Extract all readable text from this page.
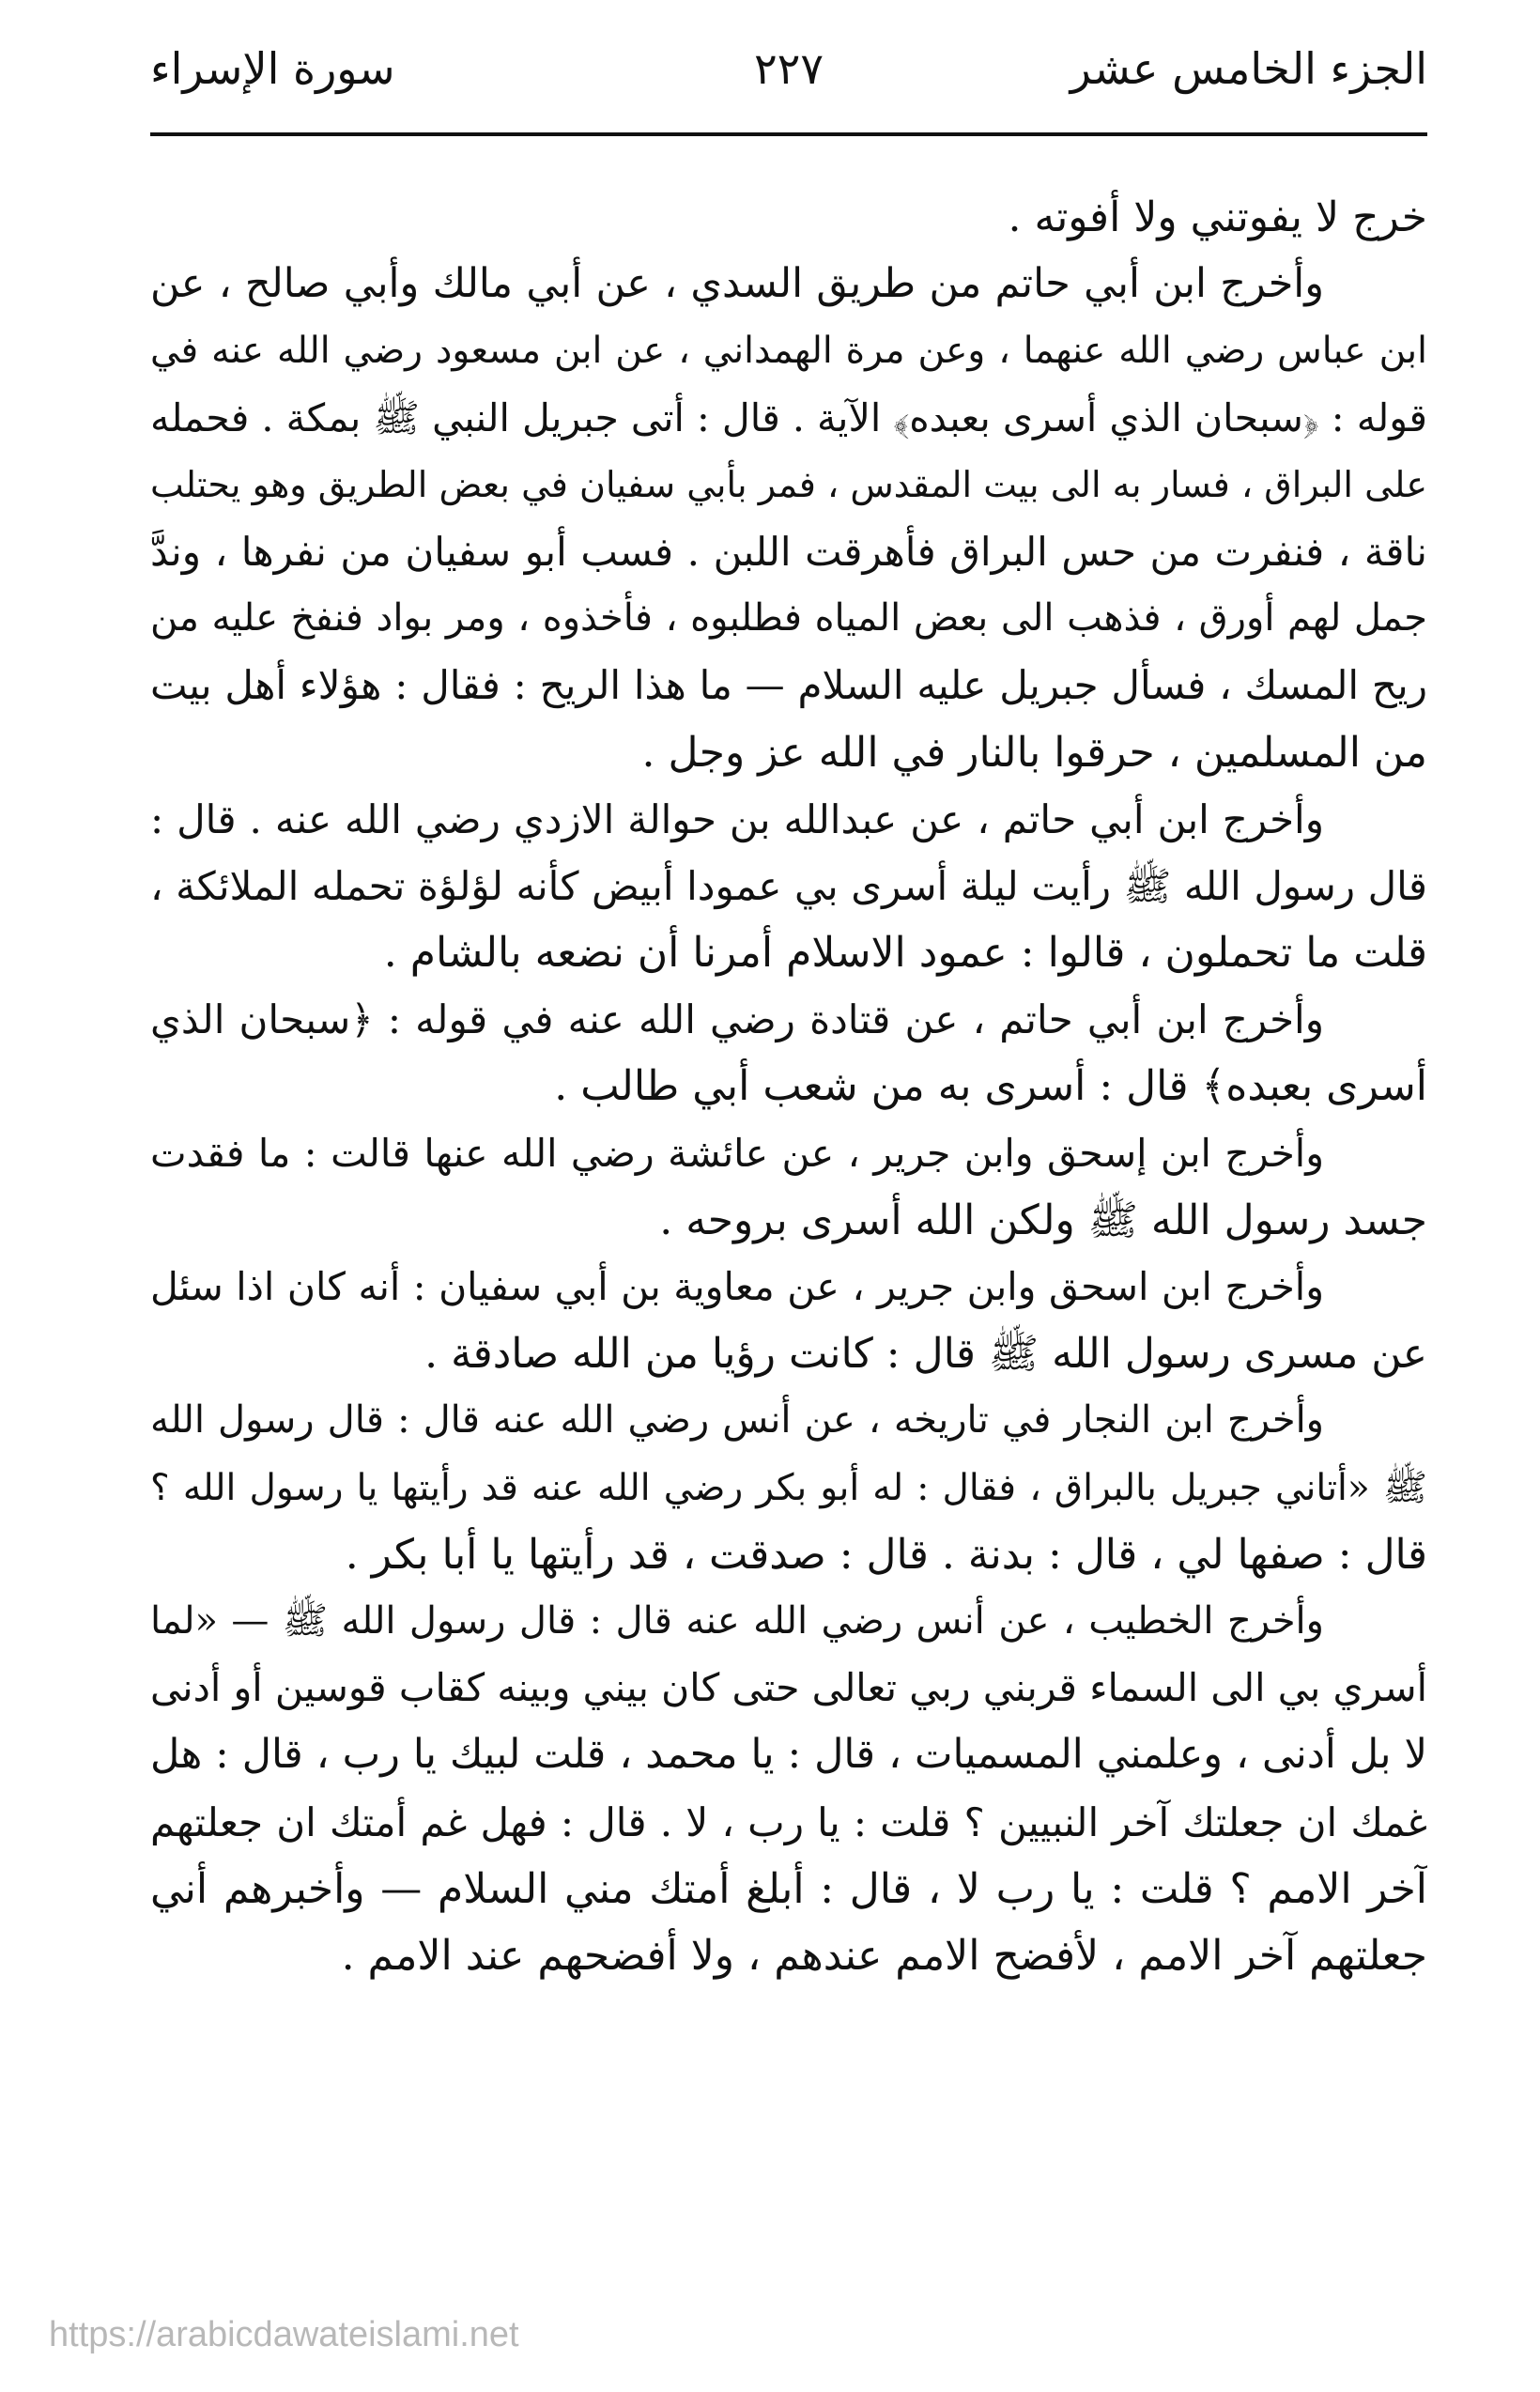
الجزء الخامس عشر
٢٢٧
سورة الإسراء
خرج لا يفوتني ولا أفوته .
وأخرج ابن أبي حاتم من طريق السدي ، عن أبي مالك وأبي صالح ، عن
ابن عباس رضي الله عنهما ، وعن مرة الهمداني ، عن ابن مسعود رضي الله عنه في
قوله : ﴿سبحان الذي أسرى بعبده﴾ الآية . قال : أتى جبريل النبي ﷺ بمكة . فحمله
على البراق ، فسار به الى بيت المقدس ، فمر بأبي سفيان في بعض الطريق وهو يحتلب
ناقة ، فنفرت من حس البراق فأهرقت اللبن . فسب أبو سفيان من نفرها ، وندَّ
جمل لهم أورق ، فذهب الى بعض المياه فطلبوه ، فأخذوه ، ومر بواد فنفخ عليه من
ريح المسك ، فسأل جبريل عليه السلام — ما هذا الريح : فقال : هؤلاء أهل بيت
من المسلمين ، حرقوا بالنار في الله عز وجل .
وأخرج ابن أبي حاتم ، عن عبدالله بن حوالة الازدي رضي الله عنه . قال :
قال رسول الله ﷺ رأيت ليلة أسرى بي عمودا أبيض كأنه لؤلؤة تحمله الملائكة ،
قلت ما تحملون ، قالوا : عمود الاسلام أمرنا أن نضعه بالشام .
وأخرج ابن أبي حاتم ، عن قتادة رضي الله عنه في قوله : ﴿سبحان الذي
أسرى بعبده﴾ قال : أسرى به من شعب أبي طالب .
وأخرج ابن إسحق وابن جرير ، عن عائشة رضي الله عنها قالت : ما فقدت
جسد رسول الله ﷺ ولكن الله أسرى بروحه .
وأخرج ابن اسحق وابن جرير ، عن معاوية بن أبي سفيان : أنه كان اذا سئل
عن مسرى رسول الله ﷺ قال : كانت رؤيا من الله صادقة .
وأخرج ابن النجار في تاريخه ، عن أنس رضي الله عنه قال : قال رسول الله
ﷺ «أتاني جبريل بالبراق ، فقال : له أبو بكر رضي الله عنه قد رأيتها يا رسول الله ؟
قال : صفها لي ، قال : بدنة . قال : صدقت ، قد رأيتها يا أبا بكر .
وأخرج الخطيب ، عن أنس رضي الله عنه قال : قال رسول الله ﷺ — «لما
أسري بي الى السماء قربني ربي تعالى حتى كان بيني وبينه كقاب قوسين أو أدنى
لا بل أدنى ، وعلمني المسميات ، قال : يا محمد ، قلت لبيك يا رب ، قال : هل
غمك ان جعلتك آخر النبيين ؟ قلت : يا رب ، لا . قال : فهل غم أمتك ان جعلتهم
آخر الامم ؟ قلت : يا رب لا ، قال : أبلغ أمتك مني السلام — وأخبرهم أني
جعلتهم آخر الامم ، لأفضح الامم عندهم ، ولا أفضحهم عند الامم .
https://arabicdawateislami.net
